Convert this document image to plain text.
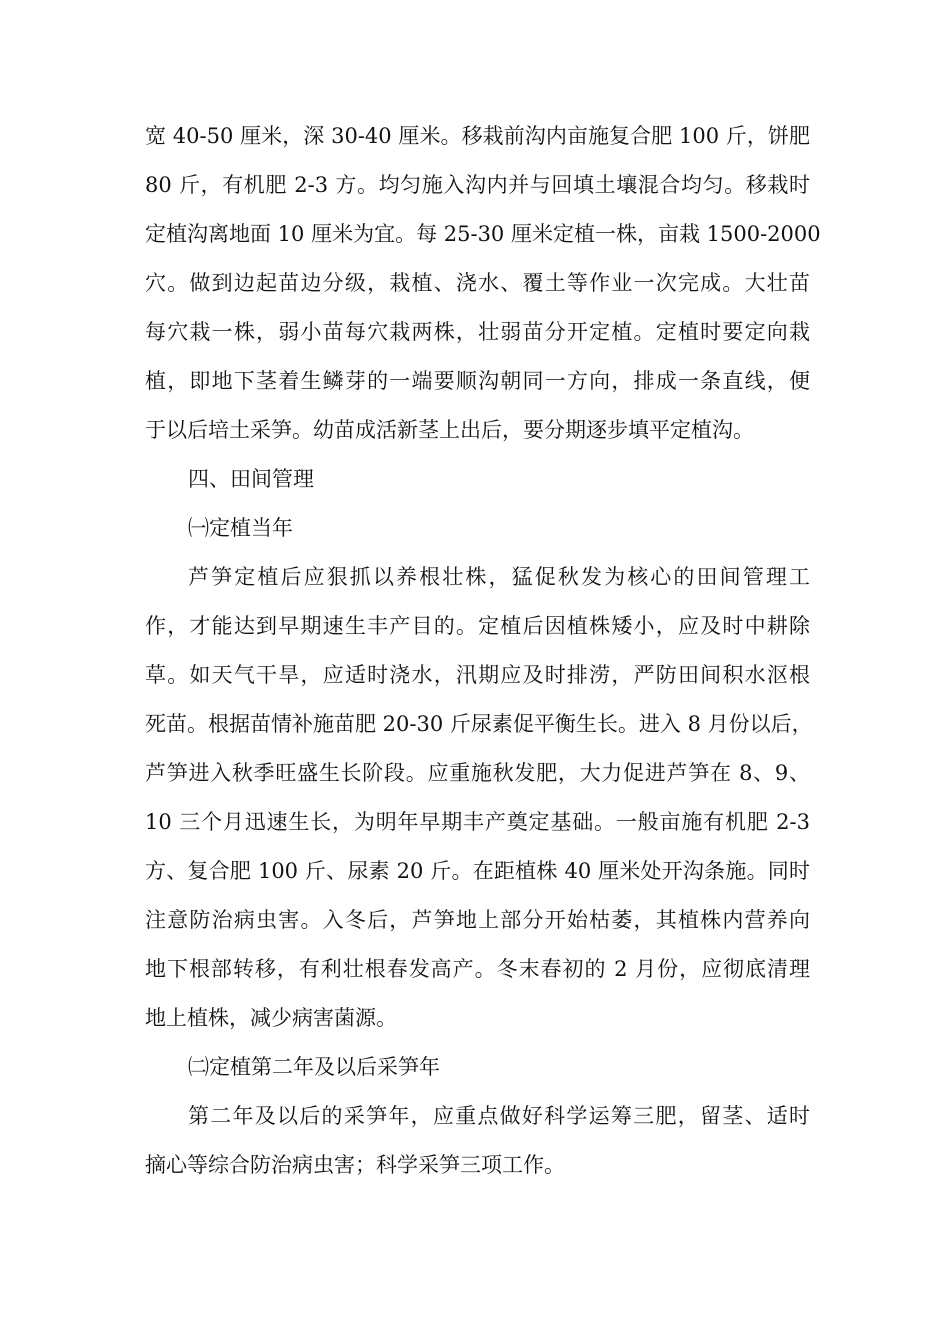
宽 40-50 厘米，深 30-40 厘米。移栽前沟内亩施复合肥 100 斤，饼肥
80 斤，有机肥 2-3 方。均匀施入沟内并与回填土壤混合均匀。移栽时
定植沟离地面 10 厘米为宜。每 25-30 厘米定植一株，亩栽 1500-2000
穴。做到边起苗边分级，栽植、浇水、覆土等作业一次完成。大壮苗
每穴栽一株，弱小苗每穴栽两株，壮弱苗分开定植。定植时要定向栽
植，即地下茎着生鳞芽的一端要顺沟朝同一方向，排成一条直线，便
于以后培土采笋。幼苗成活新茎上出后，要分期逐步填平定植沟。
四、田间管理
㈠定植当年
芦笋定植后应狠抓以养根壮株，猛促秋发为核心的田间管理工
作，才能达到早期速生丰产目的。定植后因植株矮小，应及时中耕除
草。如天气干旱，应适时浇水，汛期应及时排涝，严防田间积水沤根
死苗。根据苗情补施苗肥 20-30 斤尿素促平衡生长。进入 8 月份以后，
芦笋进入秋季旺盛生长阶段。应重施秋发肥，大力促进芦笋在 8、9、
10 三个月迅速生长，为明年早期丰产奠定基础。一般亩施有机肥 2-3
方、复合肥 100 斤、尿素 20 斤。在距植株 40 厘米处开沟条施。同时
注意防治病虫害。入冬后，芦笋地上部分开始枯萎，其植株内营养向
地下根部转移，有利壮根春发高产。冬末春初的 2 月份，应彻底清理
地上植株，减少病害菌源。
㈡定植第二年及以后采笋年
第二年及以后的采笋年，应重点做好科学运筹三肥，留茎、适时
摘心等综合防治病虫害；科学采笋三项工作。
